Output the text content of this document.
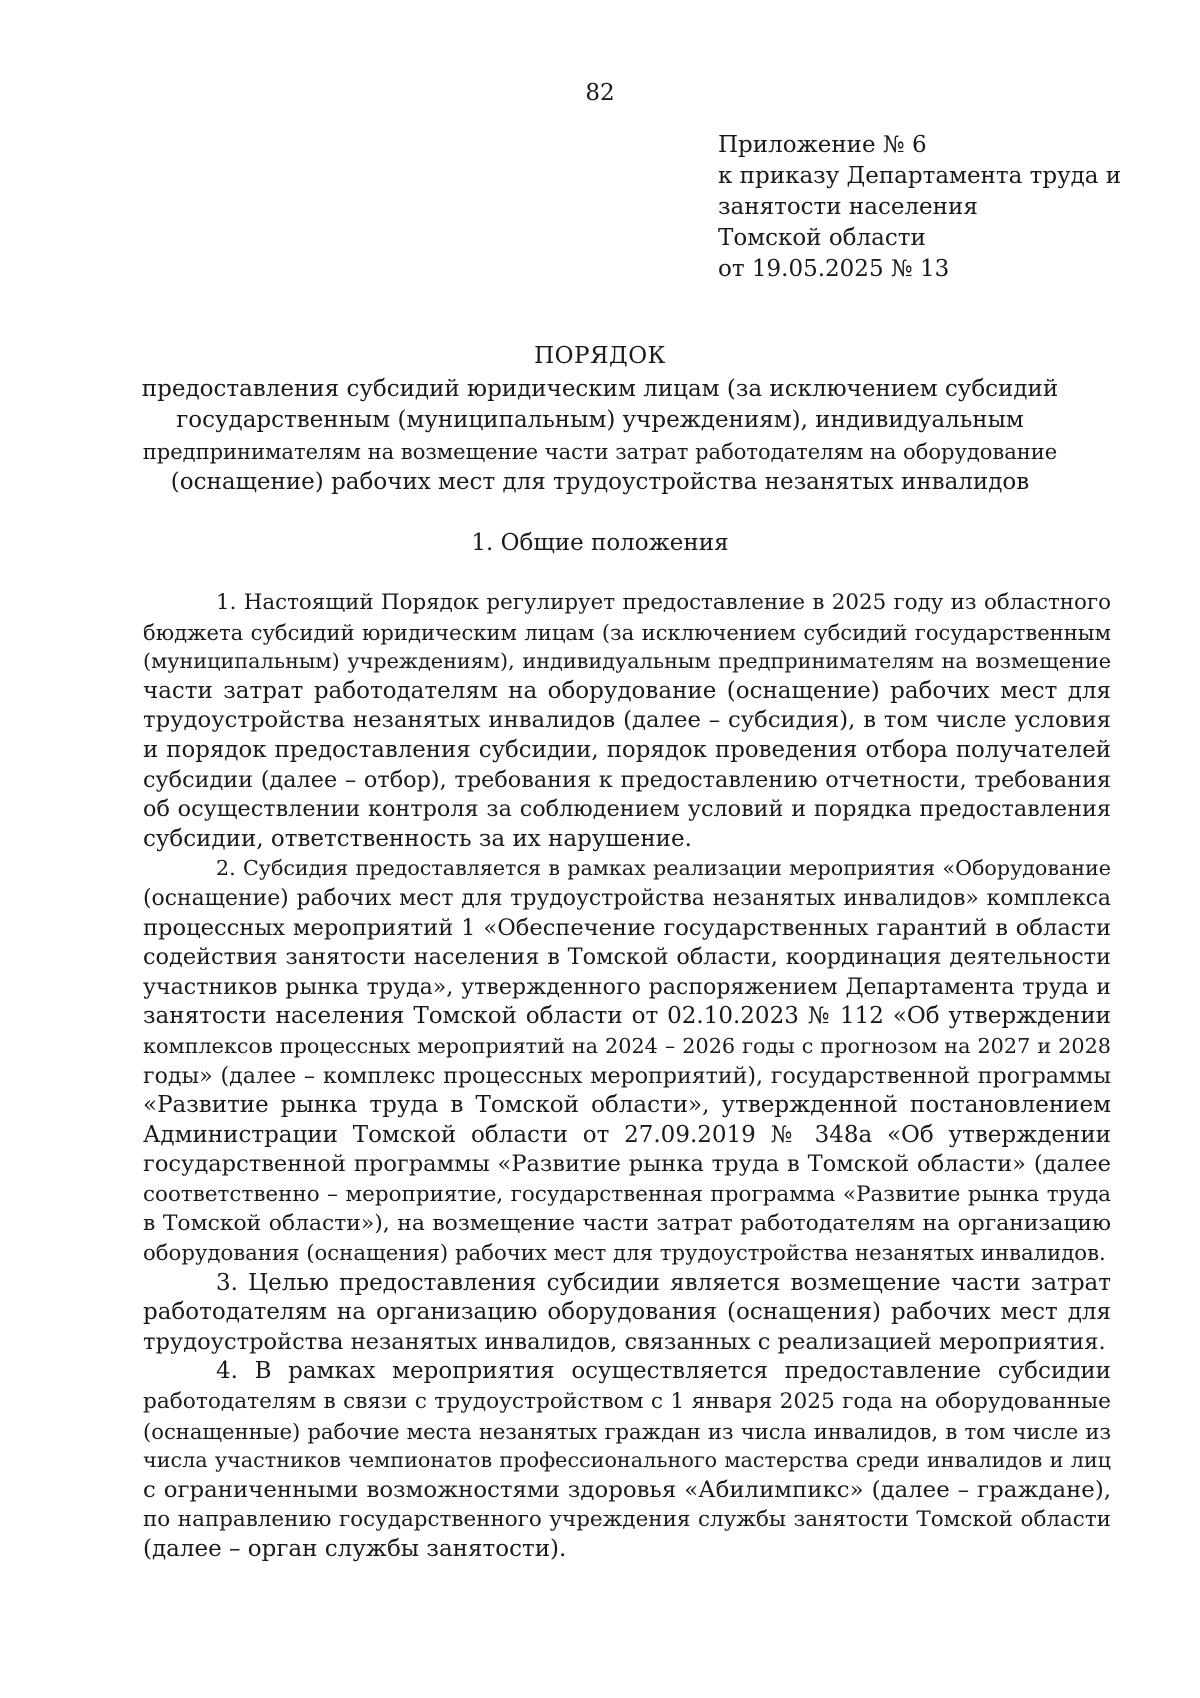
82
Приложение № 6
к приказу Департамента труда и
занятости населения
Томской области
от 19.05.2025 № 13
ПОРЯДОК
предоставления субсидий юридическим лицам (за исключением субсидий
государственным (муниципальным) учреждениям), индивидуальным
предпринимателям на возмещение части затрат работодателям на оборудование
(оснащение) рабочих мест для трудоустройства незанятых инвалидов
1. Общие положения
1. Настоящий Порядок регулирует предоставление в 2025 году из областного
бюджета субсидий юридическим лицам (за исключением субсидий государственным
(муниципальным) учреждениям), индивидуальным предпринимателям на возмещение
части затрат работодателям на оборудование (оснащение) рабочих мест для
трудоустройства незанятых инвалидов (далее – субсидия), в том числе условия
и порядок предоставления субсидии, порядок проведения отбора получателей
субсидии (далее – отбор), требования к предоставлению отчетности, требования
об осуществлении контроля за соблюдением условий и порядка предоставления
субсидии, ответственность за их нарушение.
2. Субсидия предоставляется в рамках реализации мероприятия «Оборудование
(оснащение) рабочих мест для трудоустройства незанятых инвалидов» комплекса
процессных мероприятий 1 «Обеспечение государственных гарантий в области
содействия занятости населения в Томской области, координация деятельности
участников рынка труда», утвержденного распоряжением Департамента труда и
занятости населения Томской области от 02.10.2023 № 112 «Об утверждении
комплексов процессных мероприятий на 2024 – 2026 годы с прогнозом на 2027 и 2028
годы» (далее – комплекс процессных мероприятий), государственной программы
«Развитие рынка труда в Томской области», утвержденной постановлением
Администрации Томской области от 27.09.2019 № 348а «Об утверждении
государственной программы «Развитие рынка труда в Томской области» (далее
соответственно – мероприятие, государственная программа «Развитие рынка труда
в Томской области»), на возмещение части затрат работодателям на организацию
оборудования (оснащения) рабочих мест для трудоустройства незанятых инвалидов.
3. Целью предоставления субсидии является возмещение части затрат
работодателям на организацию оборудования (оснащения) рабочих мест для
трудоустройства незанятых инвалидов, связанных с реализацией мероприятия.
4. В рамках мероприятия осуществляется предоставление субсидии
работодателям в связи с трудоустройством с 1 января 2025 года на оборудованные
(оснащенные) рабочие места незанятых граждан из числа инвалидов, в том числе из
числа участников чемпионатов профессионального мастерства среди инвалидов и лиц
с ограниченными возможностями здоровья «Абилимпикс» (далее – граждане),
по направлению государственного учреждения службы занятости Томской области
(далее – орган службы занятости).
